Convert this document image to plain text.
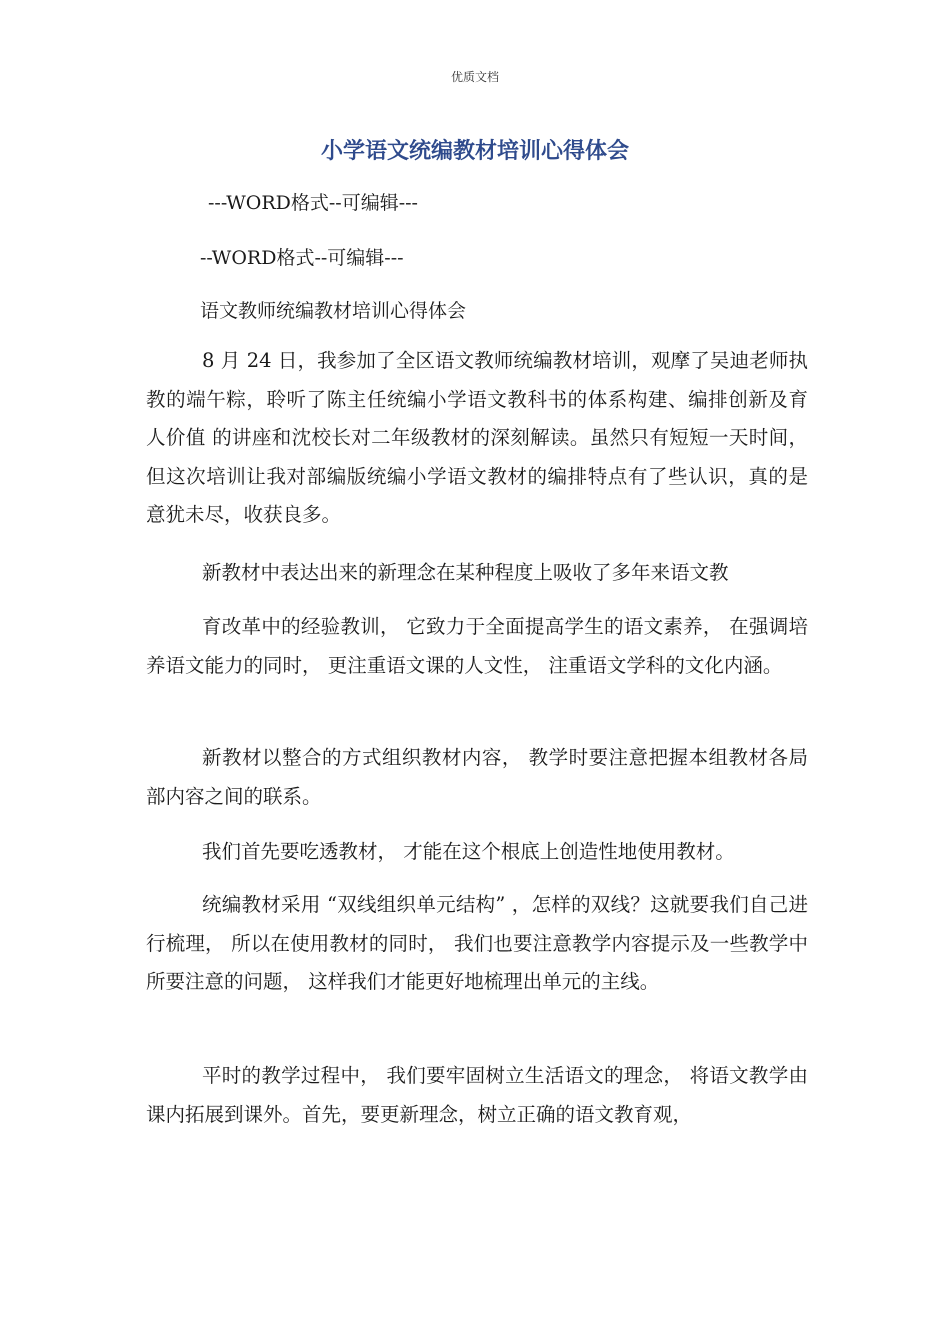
优质文档
小学语文统编教材培训心得体会
---WORD格式--可编辑---
--WORD格式--可编辑---
语文教师统编教材培训心得体会

8 月 24 日，我参加了全区语文教师统编教材培训，观摩了吴迪老师执教的端午粽，聆听了陈主任统编小学语文教科书的体系构建、编排创新及育人价值 的讲座和沈校长对二年级教材的深刻解读。虽然只有短短一天时间， 但这次培训让我对部编版统编小学语文教材的编排特点有了些认识，真的是意犹未尽，收获良多。

新教材中表达出来的新理念在某种程度上吸收了多年来语文教

育改革中的经验教训， 它致力于全面提高学生的语文素养， 在强调培养语文能力的同时， 更注重语文课的人文性， 注重语文学科的文化内涵。

新教材以整合的方式组织教材内容， 教学时要注意把握本组教材各局部内容之间的联系。

我们首先要吃透教材， 才能在这个根底上创造性地使用教材。

统编教材采用 “双线组织单元结构” ，怎样的双线？这就要我们自己进行梳理， 所以在使用教材的同时， 我们也要注意教学内容提示及一些教学中所要注意的问题， 这样我们才能更好地梳理出单元的主线。

平时的教学过程中， 我们要牢固树立生活语文的理念， 将语文教学由课内拓展到课外。首先，要更新理念，树立正确的语文教育观，
